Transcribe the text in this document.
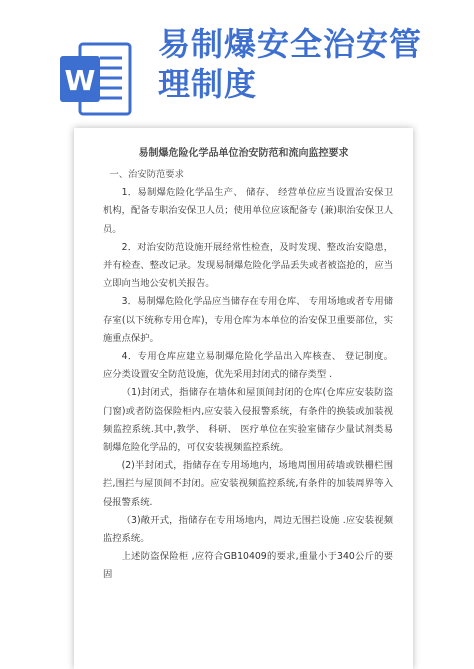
W
易制爆安全治安管
理制度
易制爆危险化学品单位治安防范和流向监控要求

一、治安防范要求

1．易制爆危险化学品生产、 储存、 经营单位应当设置治安保卫机构，配备专职治安保卫人员；使用单位应该配备专 (兼)职治安保卫人员。

2．对治安防范设施开展经常性检查，及时发现、整改治安隐患，并有检查、整改记录。发现易制爆危险化学品丢失或者被盗抢的，应当立即向当地公安机关报告。

3．易制爆危险化学品应当储存在专用仓库、 专用场地或者专用储存室(以下统称专用仓库)，专用仓库为本单位的治安保卫重要部位，实施重点保护。

4．专用仓库应建立易制爆危险化学品出入库核查、 登记制度。 应分类设置安全防范设施，优先采用封闭式的储存类型 .

（1)封闭式，指储存在墙体和屋顶间封闭的仓库(仓库应安装防盗门窗)或者防盗保险柜内,应安装入侵报警系统，有条件的换装或加装视频监控系统.其中,教学、 科研、 医疗单位在实验室储存少量试剂类易制爆危险化学品的，可仅安装视频监控系统。

(2)半封闭式，指储存在专用场地内，场地周围用砖墙或铁栅栏围拦,围拦与屋顶间不封闭。应安装视频监控系统,有条件的加装周界等入侵报警系统.

（3)敞开式，指储存在专用场地内，周边无围拦设施 .应安装视频监控系统。

上述防盗保险柜 ,应符合GB10409的要求,重量小于340公斤的要固
